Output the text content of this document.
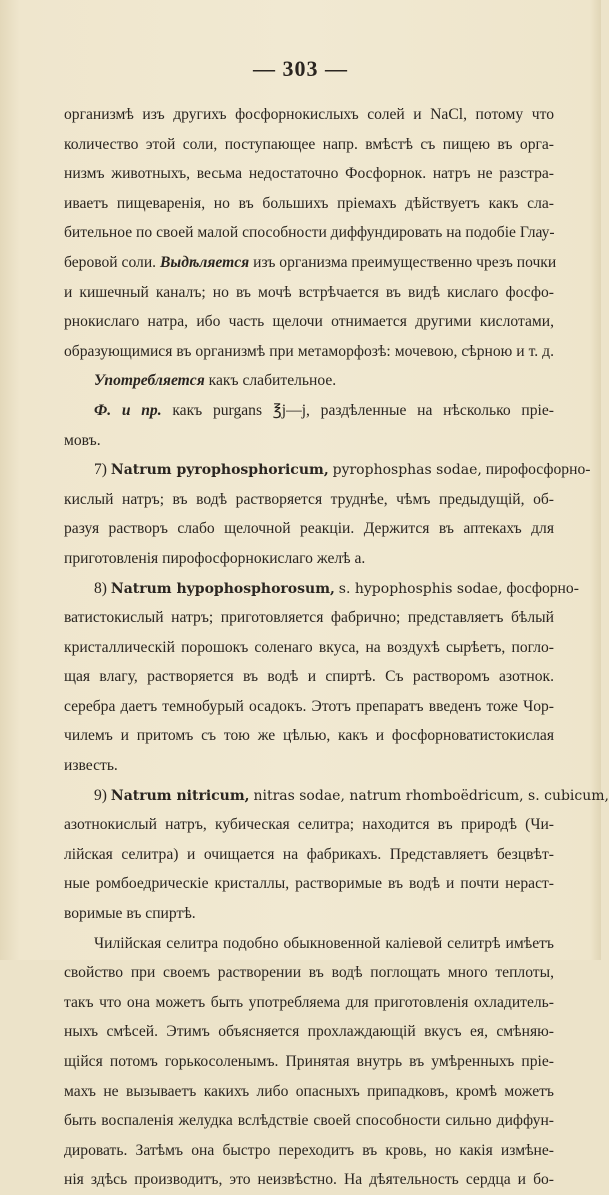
— 303 —
организмѣ изъ другихъ фосфорнокислыхъ солей и NaCl, потому что
количество этой соли, поступающее напр. вмѣстѣ съ пищею въ орга-
низмъ животныхъ, весьма недостаточно Фосфорнок. натръ не разстра-
иваетъ пищеваренія, но въ большихъ пріемахъ дѣйствуетъ какъ сла-
бительное по своей малой способности диффундировать на подобіе Глау-
беровой соли. Выдѣляется изъ организма преимущественно чрезъ почки
и кишечный каналъ; но въ мочѣ встрѣчается въ видѣ кислаго фосфо-
рнокислаго натра, ибо часть щелочи отнимается другими кислотами,
образующимися въ организмѣ при метаморфозѣ: мочевою, сѣрною и т. д.
Употребляется какъ слабительное.
Ф. и пр. какъ purgans ℥j—j, раздѣленные на нѣсколько пріе-
мовъ.
7) Natrum pyrophosphoricum, pyrophosphas sodae, пирофосфорно-
кислый натръ; въ водѣ растворяется труднѣе, чѣмъ предыдущій, об-
разуя растворъ слабо щелочной реакціи. Держится въ аптекахъ для
приготовленія пирофосфорнокислаго желѣ а.
8) Natrum hypophosphorosum, s. hypophosphis sodae, фосфорно-
ватистокислый натръ; приготовляется фабрично; представляетъ бѣлый
кристаллическій порошокъ соленаго вкуса, на воздухѣ сырѣетъ, погло-
щая влагу, растворяется въ водѣ и спиртѣ. Съ растворомъ азотнок.
серебра даетъ темнобурый осадокъ. Этотъ препаратъ введенъ тоже Чор-
чилемъ и притомъ съ тою же цѣлью, какъ и фосфорноватистокислая
известь.
9) Natrum nitricum, nitras sodae, natrum rhomboëdricum, s. cubicum,
азотнокислый натръ, кубическая селитра; находится въ природѣ (Чи-
лійская селитра) и очищается на фабрикахъ. Представляетъ безцвѣт-
ные ромбоедрическіе кристаллы, растворимые въ водѣ и почти нераст-
воримые въ спиртѣ.
Чилійская селитра подобно обыкновенной каліевой селитрѣ имѣетъ
свойство при своемъ растворении въ водѣ поглощать много теплоты,
такъ что она можетъ быть употребляема для приготовленія охладитель-
ныхъ смѣсей. Этимъ объясняется прохлаждающій вкусъ ея, смѣняю-
щійся потомъ горькосоленымъ. Принятая внутрь въ умѣренныхъ пріе-
махъ не вызываетъ какихъ либо опасныхъ припадковъ, кромѣ можетъ
быть воспаленія желудка вслѣдствіе своей способности сильно диффун-
дировать. Затѣмъ она быстро переходитъ въ кровь, но какія измѣне-
нія здѣсь производитъ, это неизвѣстно. На дѣятельность сердца и бо-
